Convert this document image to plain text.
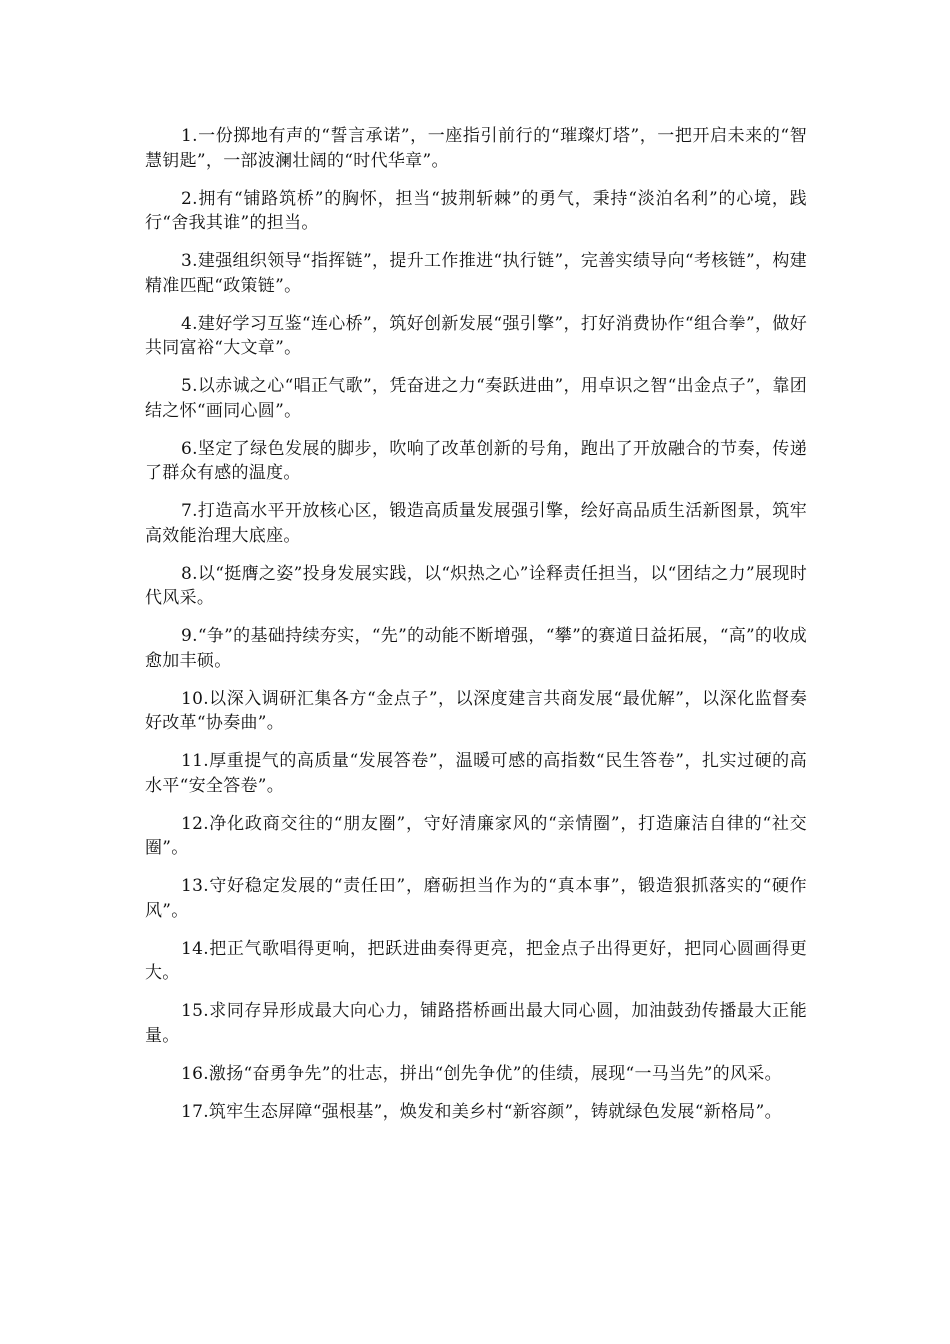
1.一份掷地有声的“誓言承诺”，一座指引前行的“璀璨灯塔”，一把开启未来的“智慧钥匙”，一部波澜壮阔的“时代华章”。

2.拥有“铺路筑桥”的胸怀，担当“披荆斩棘”的勇气，秉持“淡泊名利”的心境，践行“舍我其谁”的担当。

3.建强组织领导“指挥链”，提升工作推进“执行链”，完善实绩导向“考核链”，构建精准匹配“政策链”。

4.建好学习互鉴“连心桥”，筑好创新发展“强引擎”，打好消费协作“组合拳”，做好共同富裕“大文章”。

5.以赤诚之心“唱正气歌”，凭奋进之力“奏跃进曲”，用卓识之智“出金点子”，靠团结之怀“画同心圆”。

6.坚定了绿色发展的脚步，吹响了改革创新的号角，跑出了开放融合的节奏，传递了群众有感的温度。

7.打造高水平开放核心区，锻造高质量发展强引擎，绘好高品质生活新图景，筑牢高效能治理大底座。

8.以“挺膺之姿”投身发展实践，以“炽热之心”诠释责任担当，以“团结之力”展现时代风采。

9.“争”的基础持续夯实，“先”的动能不断增强，“攀”的赛道日益拓展，“高”的收成愈加丰硕。

10.以深入调研汇集各方“金点子”，以深度建言共商发展“最优解”，以深化监督奏好改革“协奏曲”。

11.厚重提气的高质量“发展答卷”，温暖可感的高指数“民生答卷”，扎实过硬的高水平“安全答卷”。

12.净化政商交往的“朋友圈”，守好清廉家风的“亲情圈”，打造廉洁自律的“社交圈”。

13.守好稳定发展的“责任田”，磨砺担当作为的“真本事”，锻造狠抓落实的“硬作风”。

14.把正气歌唱得更响，把跃进曲奏得更亮，把金点子出得更好，把同心圆画得更大。

15.求同存异形成最大向心力，铺路搭桥画出最大同心圆，加油鼓劲传播最大正能量。

16.激扬“奋勇争先”的壮志，拼出“创先争优”的佳绩，展现“一马当先”的风采。

17.筑牢生态屏障“强根基”，焕发和美乡村“新容颜”，铸就绿色发展“新格局”。
